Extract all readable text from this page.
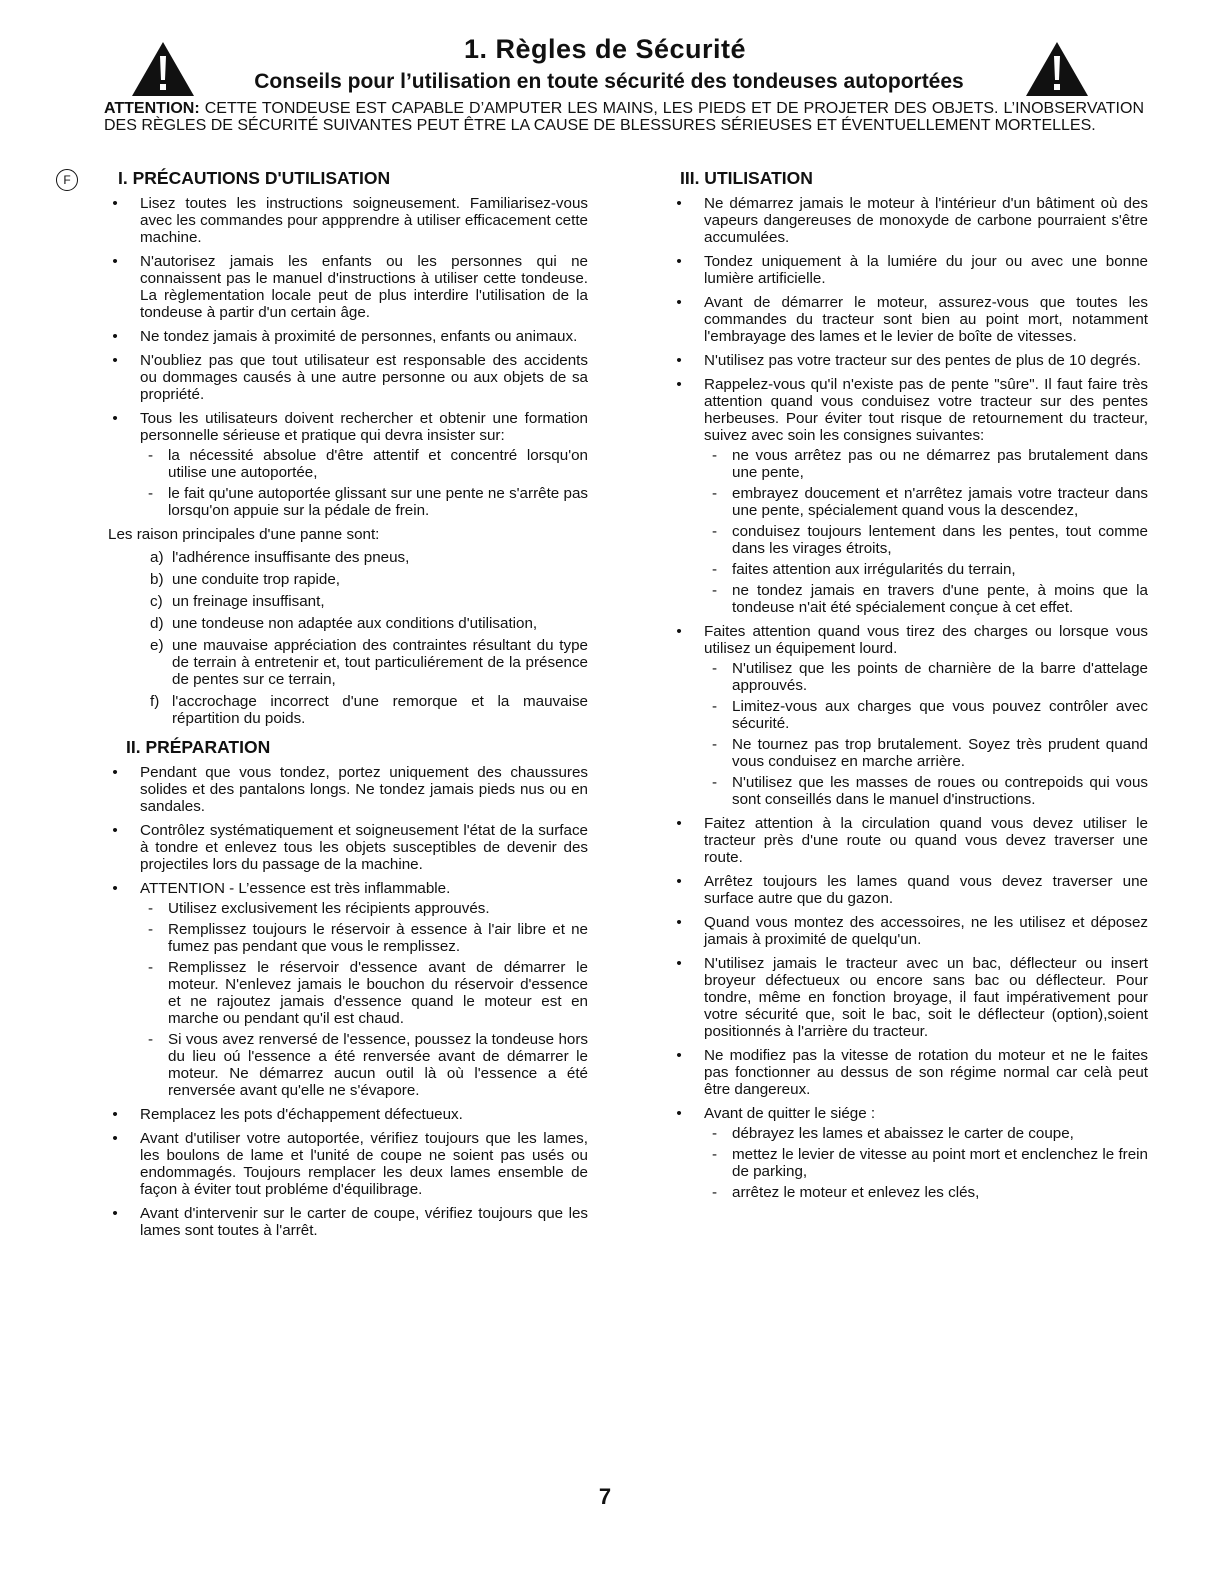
1. Règles de Sécurité
Conseils pour l’utilisation en toute sécurité des tondeuses autoportées
ATTENTION: CETTE TONDEUSE EST CAPABLE D’AMPUTER LES MAINS, LES PIEDS ET DE PROJETER DES OBJETS. L’INOBSERVATION DES RÈGLES DE SÉCURITÉ SUIVANTES PEUT ÊTRE LA CAUSE DE BLESSURES SÉRIEUSES ET ÉVENTUELLEMENT MORTELLES.
F	I. PRÉCAUTIONS D'UTILISATION
• Lisez toutes les instructions soigneusement. Familiarisez-vous avec les commandes pour appprendre à utiliser efficacement cette machine.
• N'autorisez jamais les enfants ou les personnes qui ne connaissent pas le manuel d'instructions à utiliser cette tondeuse. La règlementation locale peut de plus interdire l'utilisation de la tondeuse à partir d'un certain âge.
• Ne tondez jamais à proximité de personnes, enfants ou animaux.
• N'oubliez pas que tout utilisateur est responsable des accidents ou dommages causés à une autre personne ou aux objets de sa propriété.
• Tous les utilisateurs doivent rechercher et obtenir une formation personnelle sérieuse et pratique qui devra insister sur:
- la nécessité absolue d'être attentif et concentré lorsqu'on utilise une autoportée,
- le fait qu'une autoportée glissant sur une pente ne s'arrête pas lorsqu'on appuie sur la pédale de frein.

Les raison principales d'une panne sont:

a) l'adhérence insuffisante des pneus,
b) une conduite trop rapide,
c) un freinage insuffisant,
d) une tondeuse non adaptée aux conditions d'utilisation,
e) une mauvaise appréciation des contraintes résultant du type de terrain à entretenir et, tout particuliérement de la présence de pentes sur ce terrain,
f) l'accrochage incorrect d'une remorque et la mauvaise répartition du poids.
II. PRÉPARATION
• Pendant que vous tondez, portez uniquement des chaussures solides et des pantalons longs. Ne tondez jamais pieds nus ou en sandales.
• Contrôlez systématiquement et soigneusement l'état de la surface à tondre et enlevez tous les objets susceptibles de devenir des projectiles lors du passage de la machine.
• ATTENTION - L’essence est très inflammable.
- Utilisez exclusivement les récipients approuvés.
- Remplissez toujours le réservoir à essence à l'air libre et ne fumez pas pendant que vous le remplissez.
- Remplissez le réservoir d'essence avant de démarrer le moteur. N'enlevez jamais le bouchon du réservoir d'essence et ne rajoutez jamais d'essence quand le moteur est en marche ou pendant qu'il est chaud.
- Si vous avez renversé de l'essence, poussez la tondeuse hors du lieu oú l'essence a été renversée avant de démarrer le moteur. Ne démarrez aucun outil là où l'essence a été renversée avant qu'elle ne s'évapore.
• Remplacez les pots d'échappement défectueux.
• Avant d'utiliser votre autoportée, vérifiez toujours que les lames, les boulons de lame et l'unité de coupe ne soient pas usés ou endommagés. Toujours remplacer les deux lames ensemble de façon à éviter tout probléme d'équilibrage.
• Avant d'intervenir sur le carter de coupe, vérifiez toujours que les lames sont toutes à l'arrêt.
III. UTILISATION
• Ne démarrez jamais le moteur à l'intérieur d'un bâtiment où des vapeurs dangereuses de monoxyde de carbone pourraient s'être accumulées.
• Tondez uniquement à la lumiére du jour ou avec une bonne lumière artificielle.
• Avant de démarrer le moteur, assurez-vous que toutes les commandes du tracteur sont bien au point mort, notamment l'embrayage des lames et le levier de boîte de vitesses.
• N'utilisez pas votre tracteur sur des pentes de plus de 10 degrés.
• Rappelez-vous qu'il n'existe pas de pente "sûre". Il faut faire très attention quand vous conduisez votre tracteur sur des pentes herbeuses. Pour éviter tout risque de retournement du tracteur, suivez avec soin les consignes suivantes:
- ne vous arrêtez pas ou ne démarrez pas brutalement dans une pente,
- embrayez doucement et n'arrêtez jamais votre tracteur dans une pente, spécialement quand vous la descendez,
- conduisez toujours lentement dans les pentes, tout comme dans les virages étroits,
- faites attention aux irrégularités du terrain,
- ne tondez jamais en travers d'une pente, à moins que la tondeuse n'ait été spécialement conçue à cet effet.
• Faites attention quand vous tirez des charges ou lorsque vous utilisez un équipement lourd.
- N'utilisez que les points de charnière de la barre d'attelage approuvés.
- Limitez-vous aux charges que vous pouvez contrôler avec sécurité.
- Ne tournez pas trop brutalement. Soyez très prudent quand vous conduisez en marche arrière.
- N'utilisez que les masses de roues ou contrepoids qui vous sont conseillés dans le manuel d'instructions.
• Faitez attention à la circulation quand vous devez utiliser le tracteur près d'une route ou quand vous devez traverser une route.
• Arrêtez toujours les lames quand vous devez traverser une surface autre que du gazon.
• Quand vous montez des accessoires, ne les utilisez et déposez jamais à proximité de quelqu'un.
• N'utilisez jamais le tracteur avec un bac, déflecteur ou insert broyeur défectueux ou encore sans bac ou déflecteur. Pour tondre, même en fonction broyage, il faut impérativement pour votre sécurité que, soit le bac, soit le déflecteur (option),soient positionnés à l'arrière du tracteur.
• Ne modifiez pas la vitesse de rotation du moteur et ne le faites pas fonctionner au dessus de son régime normal car celà peut être dangereux.
• Avant de quitter le siége :
- débrayez les lames et abaissez le carter de coupe,
- mettez le levier de vitesse au point mort et enclenchez le frein de parking,
- arrêtez le moteur et enlevez les clés,
7
